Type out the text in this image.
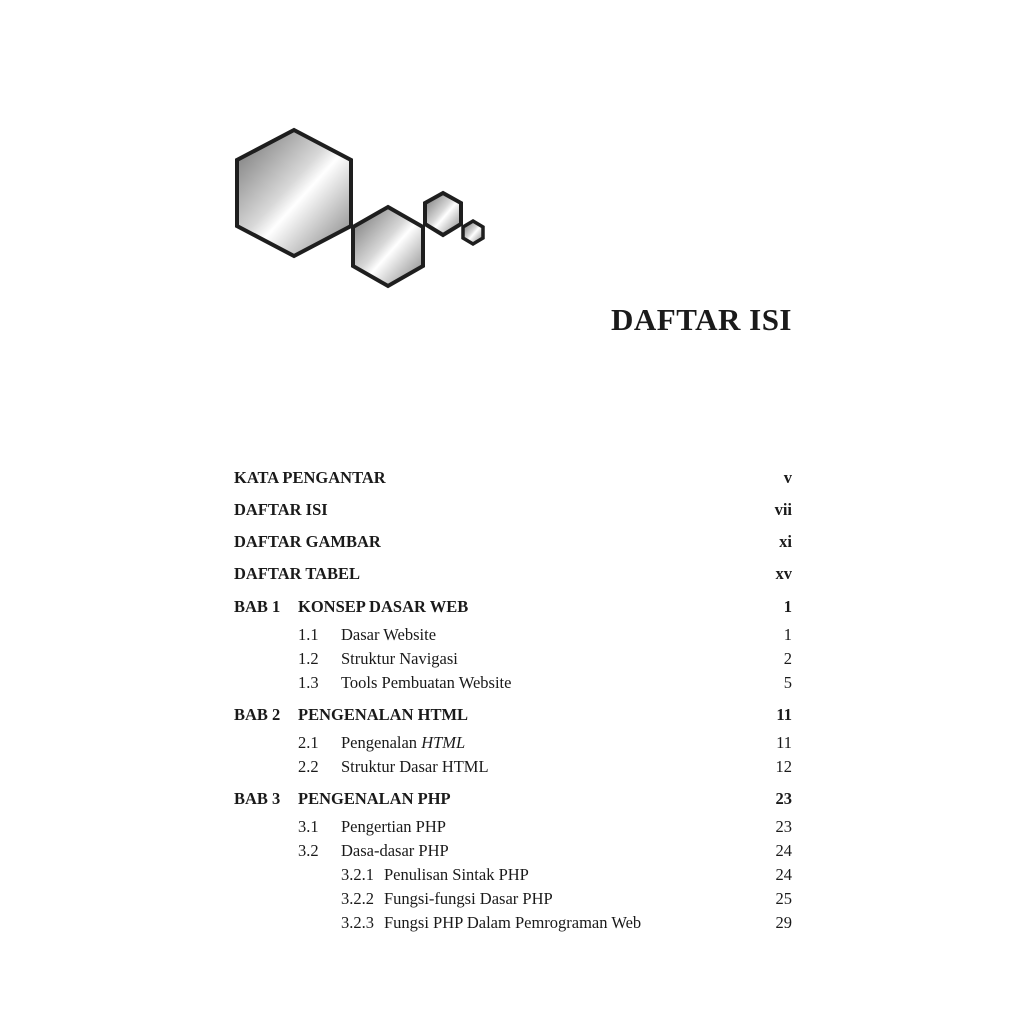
DAFTAR ISI
KATA PENGANTAR	v
DAFTAR ISI	vii
DAFTAR GAMBAR	xi
DAFTAR TABEL	xv
BAB 1 KONSEP DASAR WEB	1
1.1 Dasar Website	1
1.2 Struktur Navigasi	2
1.3 Tools Pembuatan Website	5
BAB 2 PENGENALAN HTML	11
2.1 Pengenalan HTML	11
2.2 Struktur Dasar HTML	12
BAB 3 PENGENALAN PHP	23
3.1 Pengertian PHP	23
3.2 Dasa-dasar PHP	24
3.2.1 Penulisan Sintak PHP	24
3.2.2 Fungsi-fungsi Dasar PHP	25
3.2.3 Fungsi PHP Dalam Pemrograman Web	29
